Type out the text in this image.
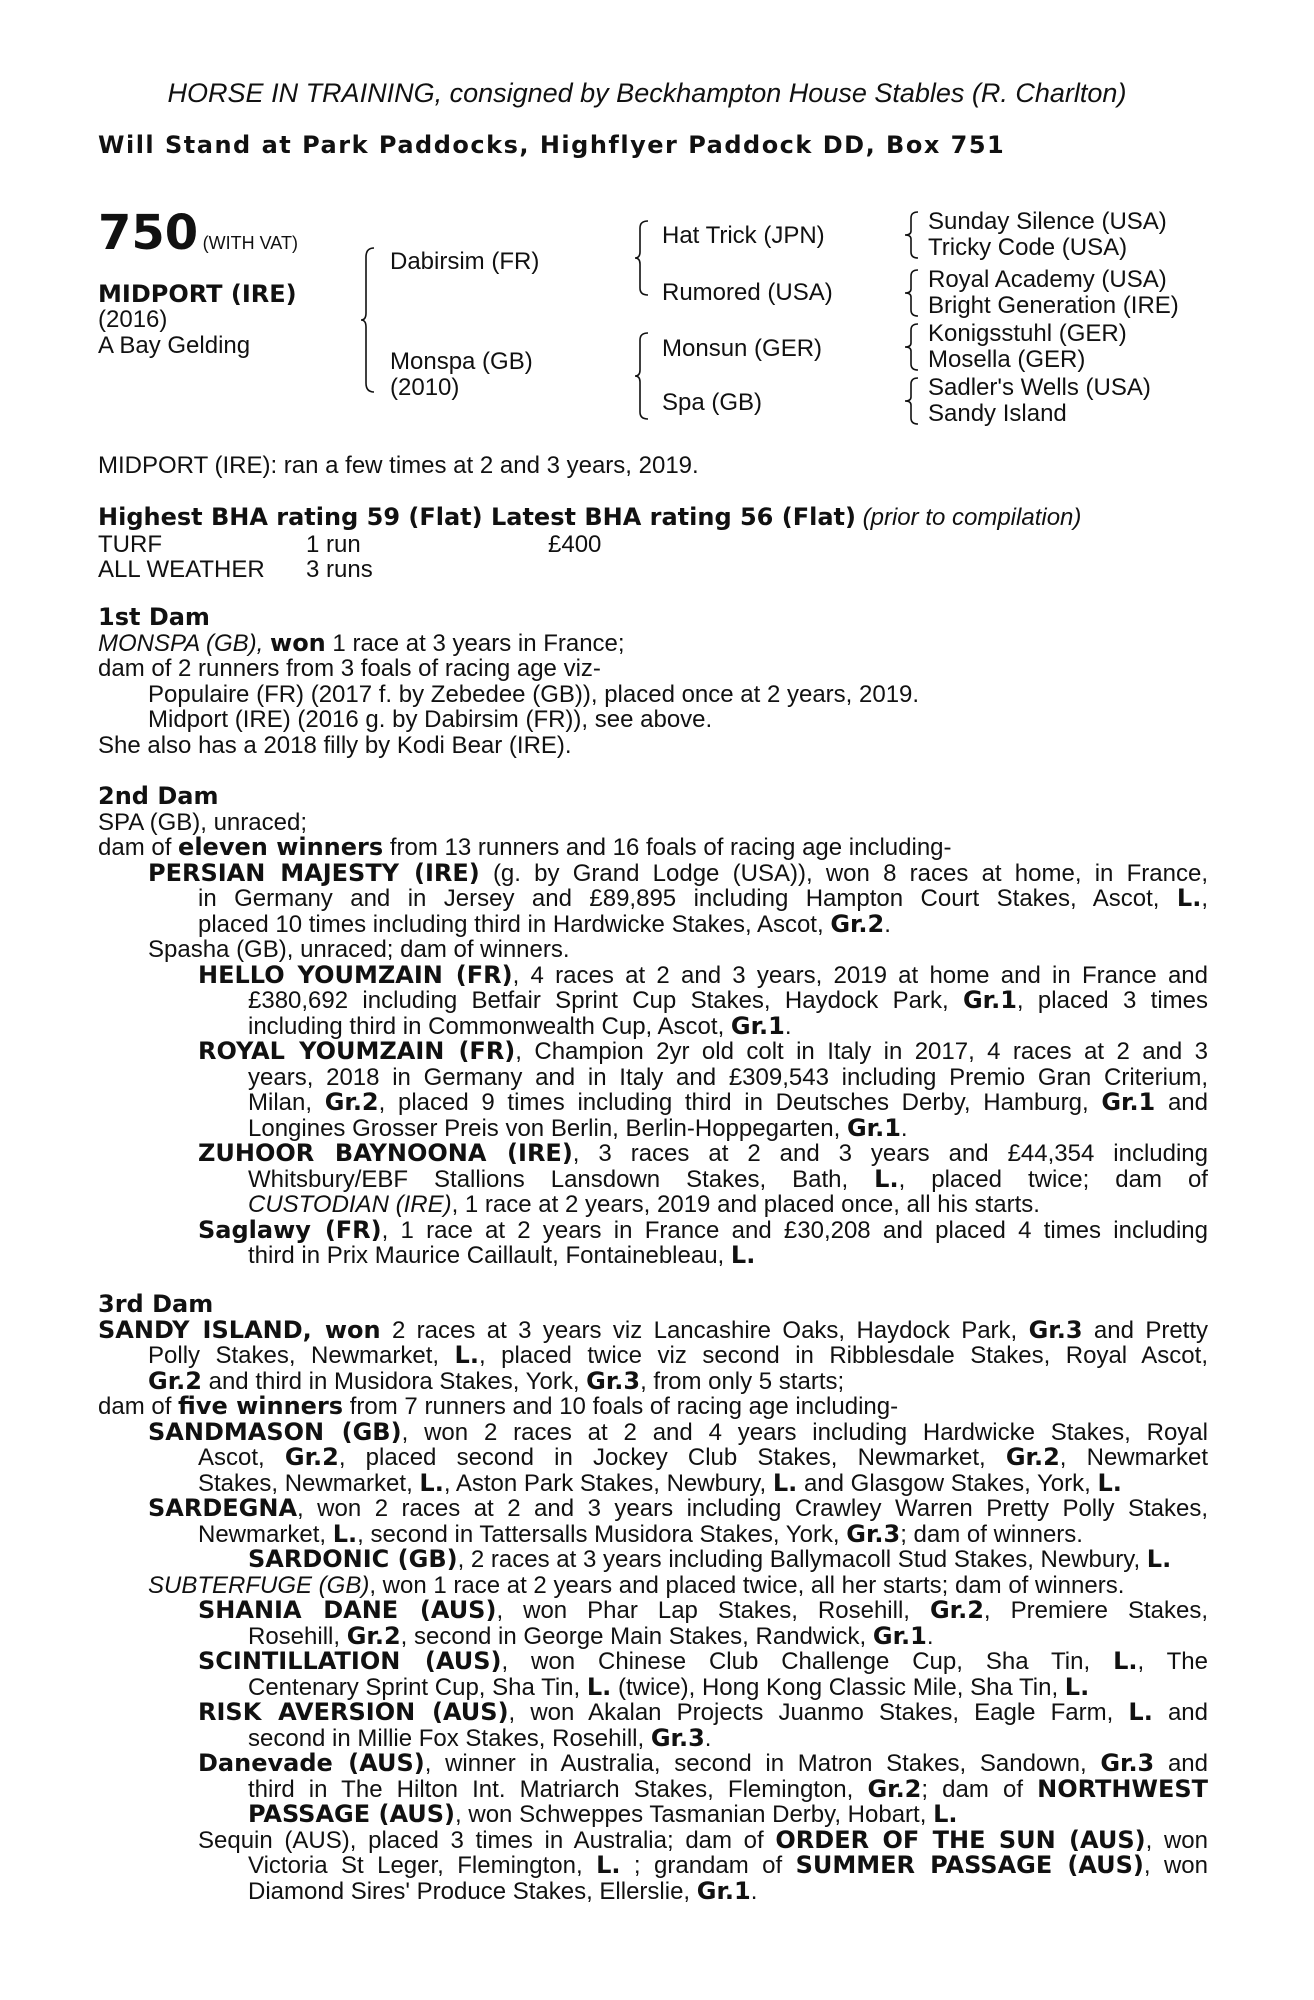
HORSE IN TRAINING, consigned by Beckhampton House Stables (R. Charlton)
Will Stand at Park Paddocks, Highflyer Paddock DD, Box 751
750 (WITH VAT)
MIDPORT (IRE)
(2016)
A Bay Gelding
Dabirsim (FR)
Monspa (GB)
(2010)
Hat Trick (JPN)
Rumored (USA)
Monsun (GER)
Spa (GB)
Sunday Silence (USA)
Tricky Code (USA)
Royal Academy (USA)
Bright Generation (IRE)
Konigsstuhl (GER)
Mosella (GER)
Sadler's Wells (USA)
Sandy Island
MIDPORT (IRE): ran a few times at 2 and 3 years, 2019.
Highest BHA rating 59 (Flat) Latest BHA rating 56 (Flat) (prior to compilation)
TURF	1 run	£400
ALL WEATHER 3 runs

1st Dam

MONSPA (GB), won 1 race at 3 years in France;

dam of 2 runners from 3 foals of racing age viz-

Populaire (FR) (2017 f. by Zebedee (GB)), placed once at 2 years, 2019.

Midport (IRE) (2016 g. by Dabirsim (FR)), see above.

She also has a 2018 filly by Kodi Bear (IRE).

2nd Dam

SPA (GB), unraced;

dam of eleven winners from 13 runners and 16 foals of racing age including-

PERSIAN MAJESTY (IRE) (g. by Grand Lodge (USA)), won 8 races at home, in France,

in Germany and in Jersey and £89,895 including Hampton Court Stakes, Ascot, L.,

placed 10 times including third in Hardwicke Stakes, Ascot, Gr.2.

Spasha (GB), unraced; dam of winners.

HELLO YOUMZAIN (FR), 4 races at 2 and 3 years, 2019 at home and in France and

£380,692 including Betfair Sprint Cup Stakes, Haydock Park, Gr.1, placed 3 times

including third in Commonwealth Cup, Ascot, Gr.1.

ROYAL YOUMZAIN (FR), Champion 2yr old colt in Italy in 2017, 4 races at 2 and 3

years, 2018 in Germany and in Italy and £309,543 including Premio Gran Criterium,

Milan, Gr.2, placed 9 times including third in Deutsches Derby, Hamburg, Gr.1 and

Longines Grosser Preis von Berlin, Berlin-Hoppegarten, Gr.1.

ZUHOOR BAYNOONA (IRE), 3 races at 2 and 3 years and £44,354 including

Whitsbury/EBF Stallions Lansdown Stakes, Bath, L., placed twice; dam of

CUSTODIAN (IRE), 1 race at 2 years, 2019 and placed once, all his starts.

Saglawy (FR), 1 race at 2 years in France and £30,208 and placed 4 times including

third in Prix Maurice Caillault, Fontainebleau, L.

3rd Dam

SANDY ISLAND, won 2 races at 3 years viz Lancashire Oaks, Haydock Park, Gr.3 and Pretty

Polly Stakes, Newmarket, L., placed twice viz second in Ribblesdale Stakes, Royal Ascot,

Gr.2 and third in Musidora Stakes, York, Gr.3, from only 5 starts;

dam of five winners from 7 runners and 10 foals of racing age including-

SANDMASON (GB), won 2 races at 2 and 4 years including Hardwicke Stakes, Royal

Ascot, Gr.2, placed second in Jockey Club Stakes, Newmarket, Gr.2, Newmarket

Stakes, Newmarket, L., Aston Park Stakes, Newbury, L. and Glasgow Stakes, York, L.

SARDEGNA, won 2 races at 2 and 3 years including Crawley Warren Pretty Polly Stakes,

Newmarket, L., second in Tattersalls Musidora Stakes, York, Gr.3; dam of winners.

SARDONIC (GB), 2 races at 3 years including Ballymacoll Stud Stakes, Newbury, L.

SUBTERFUGE (GB), won 1 race at 2 years and placed twice, all her starts; dam of winners.

SHANIA DANE (AUS), won Phar Lap Stakes, Rosehill, Gr.2, Premiere Stakes,

Rosehill, Gr.2, second in George Main Stakes, Randwick, Gr.1.

SCINTILLATION (AUS), won Chinese Club Challenge Cup, Sha Tin, L., The

Centenary Sprint Cup, Sha Tin, L. (twice), Hong Kong Classic Mile, Sha Tin, L.

RISK AVERSION (AUS), won Akalan Projects Juanmo Stakes, Eagle Farm, L. and

second in Millie Fox Stakes, Rosehill, Gr.3.

Danevade (AUS), winner in Australia, second in Matron Stakes, Sandown, Gr.3 and

third in The Hilton Int. Matriarch Stakes, Flemington, Gr.2; dam of NORTHWEST

PASSAGE (AUS), won Schweppes Tasmanian Derby, Hobart, L.

Sequin (AUS), placed 3 times in Australia; dam of ORDER OF THE SUN (AUS), won

Victoria St Leger, Flemington, L. ; grandam of SUMMER PASSAGE (AUS), won

Diamond Sires' Produce Stakes, Ellerslie, Gr.1.
